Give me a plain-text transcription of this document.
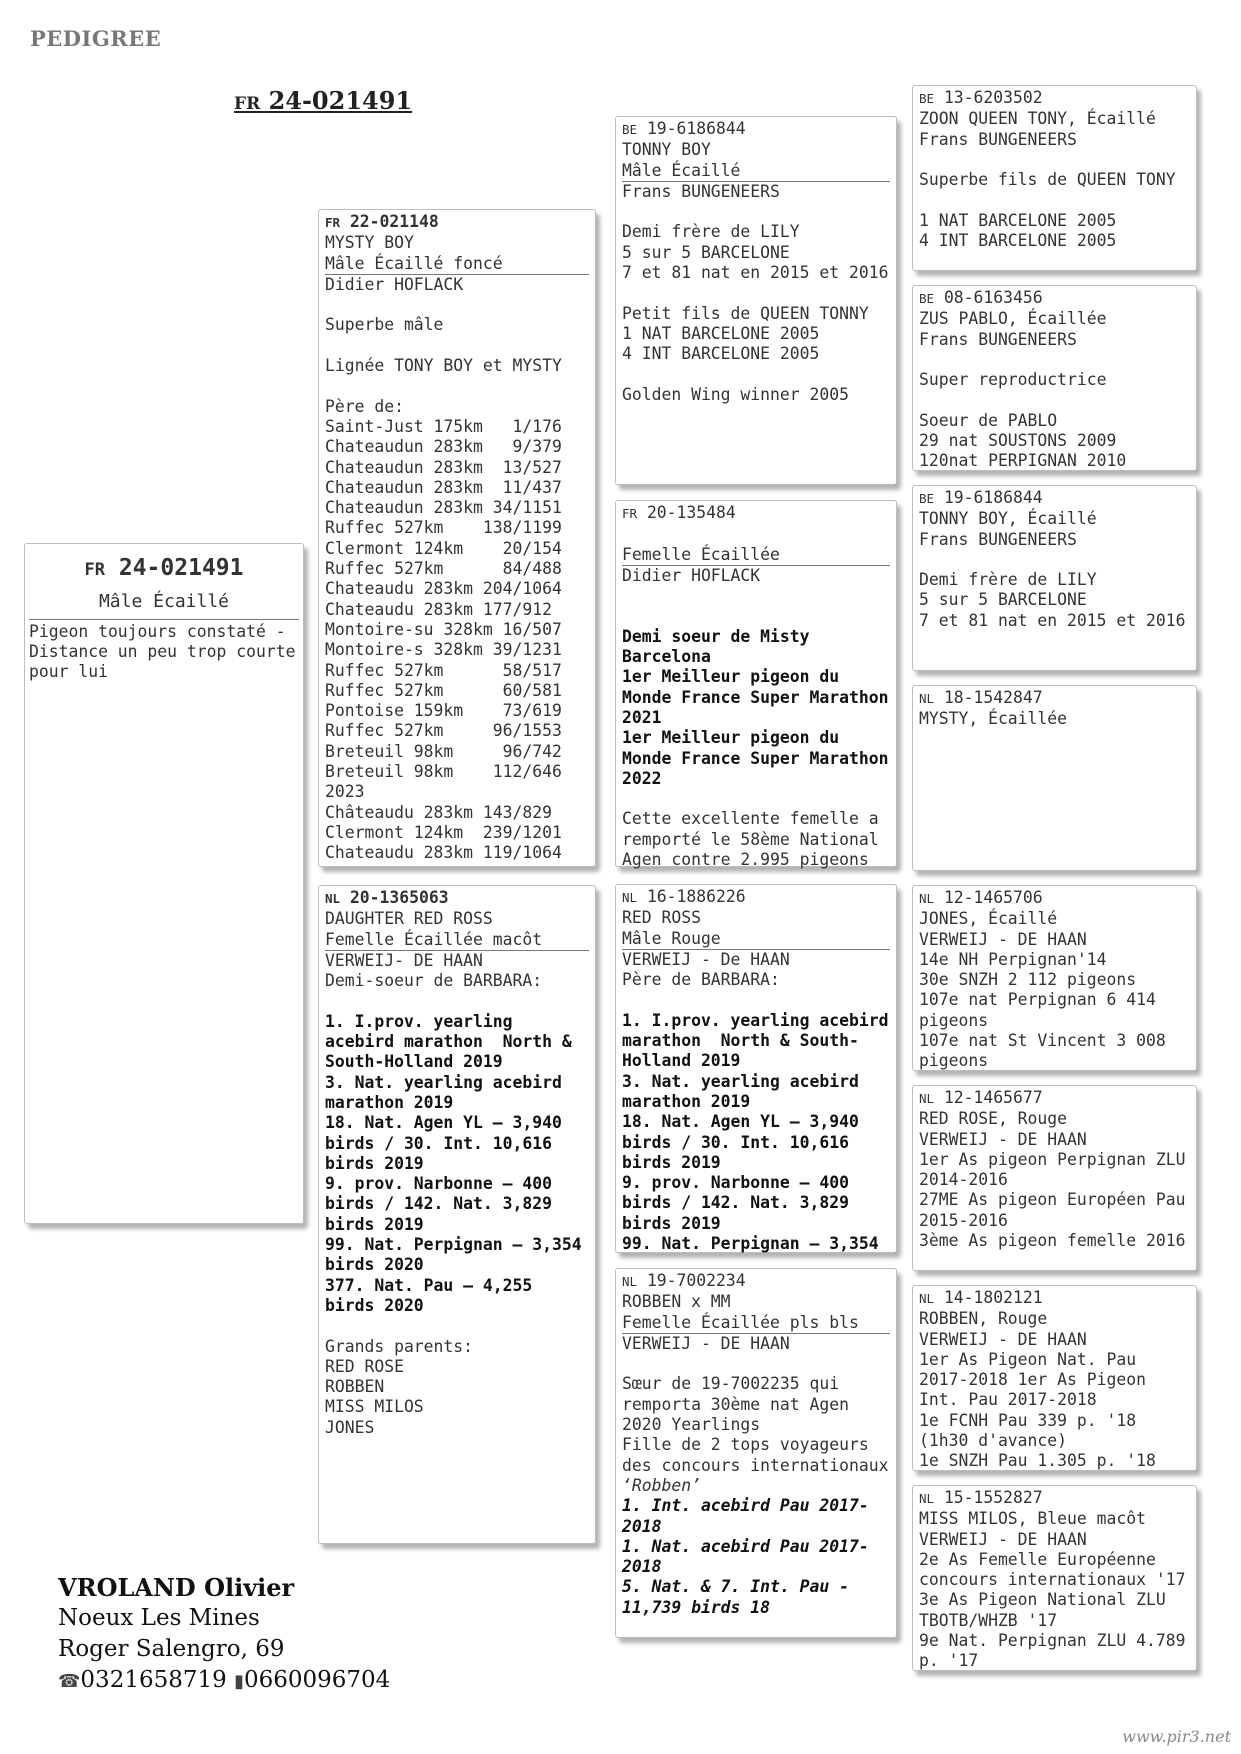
PEDIGREE
FR 24-021491
FR 24-021491
Mâle Écaillé
Pigeon toujours constaté - Distance un peu trop courte pour lui
FR 22-021148
MYSTY BOY
Mâle Écaillé foncé
Didier HOFLACK
Superbe mâle
Lignée TONY BOY et MYSTY
Père de:
Saint-Just 175km   1/176
Chateaudun 283km   9/379
Chateaudun 283km  13/527
Chateaudun 283km  11/437
Chateaudun 283km 34/1151
Ruffec 527km    138/1199
Clermont 124km    20/154
Ruffec 527km      84/488
Chateaudu 283km 204/1064
Chateaudu 283km 177/912
Montoire-su 328km 16/507
Montoire-s 328km 39/1231
Ruffec 527km      58/517
Ruffec 527km      60/581
Pontoise 159km    73/619
Ruffec 527km     96/1553
Breteuil 98km     96/742
Breteuil 98km    112/646
2023
Châteaudu 283km 143/829
Clermont 124km  239/1201
Chateaudu 283km 119/1064
NL 20-1365063
DAUGHTER RED ROSS
Femelle Écaillée macôt
VERWEIJ- DE HAAN
Demi-soeur de BARBARA:
1. I.prov. yearling acebird marathon  North & South-Holland 2019
3. Nat. yearling acebird marathon 2019
18. Nat. Agen YL – 3,940 birds / 30. Int. 10,616 birds 2019
9. prov. Narbonne – 400 birds / 142. Nat. 3,829 birds 2019
99. Nat. Perpignan – 3,354 birds 2020
377. Nat. Pau – 4,255 birds 2020
Grands parents:
RED ROSE
ROBBEN
MISS MILOS
JONES
BE 19-6186844
TONNY BOY
Mâle Écaillé
Frans BUNGENEERS
Demi frère de LILY
5 sur 5 BARCELONE
7 et 81 nat en 2015 et 2016
Petit fils de QUEEN TONNY
1 NAT BARCELONE 2005
4 INT BARCELONE 2005
Golden Wing winner 2005
FR 20-135484
Femelle Écaillée
Didier HOFLACK
Demi soeur de Misty Barcelona
1er Meilleur pigeon du Monde France Super Marathon 2021
1er Meilleur pigeon du Monde France Super Marathon 2022
Cette excellente femelle a remporté le 58ème National Agen contre 2.995 pigeons
NL 16-1886226
RED ROSS
Mâle Rouge
VERWEIJ - De HAAN
Père de BARBARA:
1. I.prov. yearling acebird marathon  North & South-Holland 2019
3. Nat. yearling acebird marathon 2019
18. Nat. Agen YL – 3,940 birds / 30. Int. 10,616 birds 2019
9. prov. Narbonne – 400 birds / 142. Nat. 3,829 birds 2019
99. Nat. Perpignan – 3,354
NL 19-7002234
ROBBEN x MM
Femelle Écaillée pls bls
VERWEIJ - DE HAAN
Sœur de 19-7002235 qui remporta 30ème nat Agen 2020 Yearlings
Fille de 2 tops voyageurs des concours internationaux
‘Robben’
1. Int. acebird Pau 2017-2018
1. Nat. acebird Pau 2017-2018
5. Nat. & 7. Int. Pau - 11,739 birds 18
BE 13-6203502
ZOON QUEEN TONY, Écaillé
Frans BUNGENEERS
Superbe fils de QUEEN TONY
1 NAT BARCELONE 2005
4 INT BARCELONE 2005
BE 08-6163456
ZUS PABLO, Écaillée
Frans BUNGENEERS
Super reproductrice
Soeur de PABLO
29 nat SOUSTONS 2009
120nat PERPIGNAN 2010
BE 19-6186844
TONNY BOY, Écaillé
Frans BUNGENEERS
Demi frère de LILY
5 sur 5 BARCELONE
7 et 81 nat en 2015 et 2016
NL 18-1542847
MYSTY, Écaillée
NL 12-1465706
JONES, Écaillé
VERWEIJ - DE HAAN
14e NH Perpignan'14
30e SNZH 2 112 pigeons
107e nat Perpignan 6 414 pigeons
107e nat St Vincent 3 008 pigeons
NL 12-1465677
RED ROSE, Rouge
VERWEIJ - DE HAAN
1er As pigeon Perpignan ZLU 2014-2016
27ME As pigeon Européen Pau 2015-2016
3ème As pigeon femelle 2016
NL 14-1802121
ROBBEN, Rouge
VERWEIJ - DE HAAN
1er As Pigeon Nat. Pau 2017-2018 1er As Pigeon Int. Pau 2017-2018
1e FCNH Pau 339 p. '18 (1h30 d'avance)
1e SNZH Pau 1.305 p. '18
NL 15-1552827
MISS MILOS, Bleue macôt
VERWEIJ - DE HAAN
2e As Femelle Européenne concours internationaux '17 3e As Pigeon National ZLU TBOTB/WHZB '17
9e Nat. Perpignan ZLU 4.789 p. '17
VROLAND Olivier
Noeux Les Mines
Roger Salengro, 69
☎0321658719 ▮0660096704
www.pir3.net
